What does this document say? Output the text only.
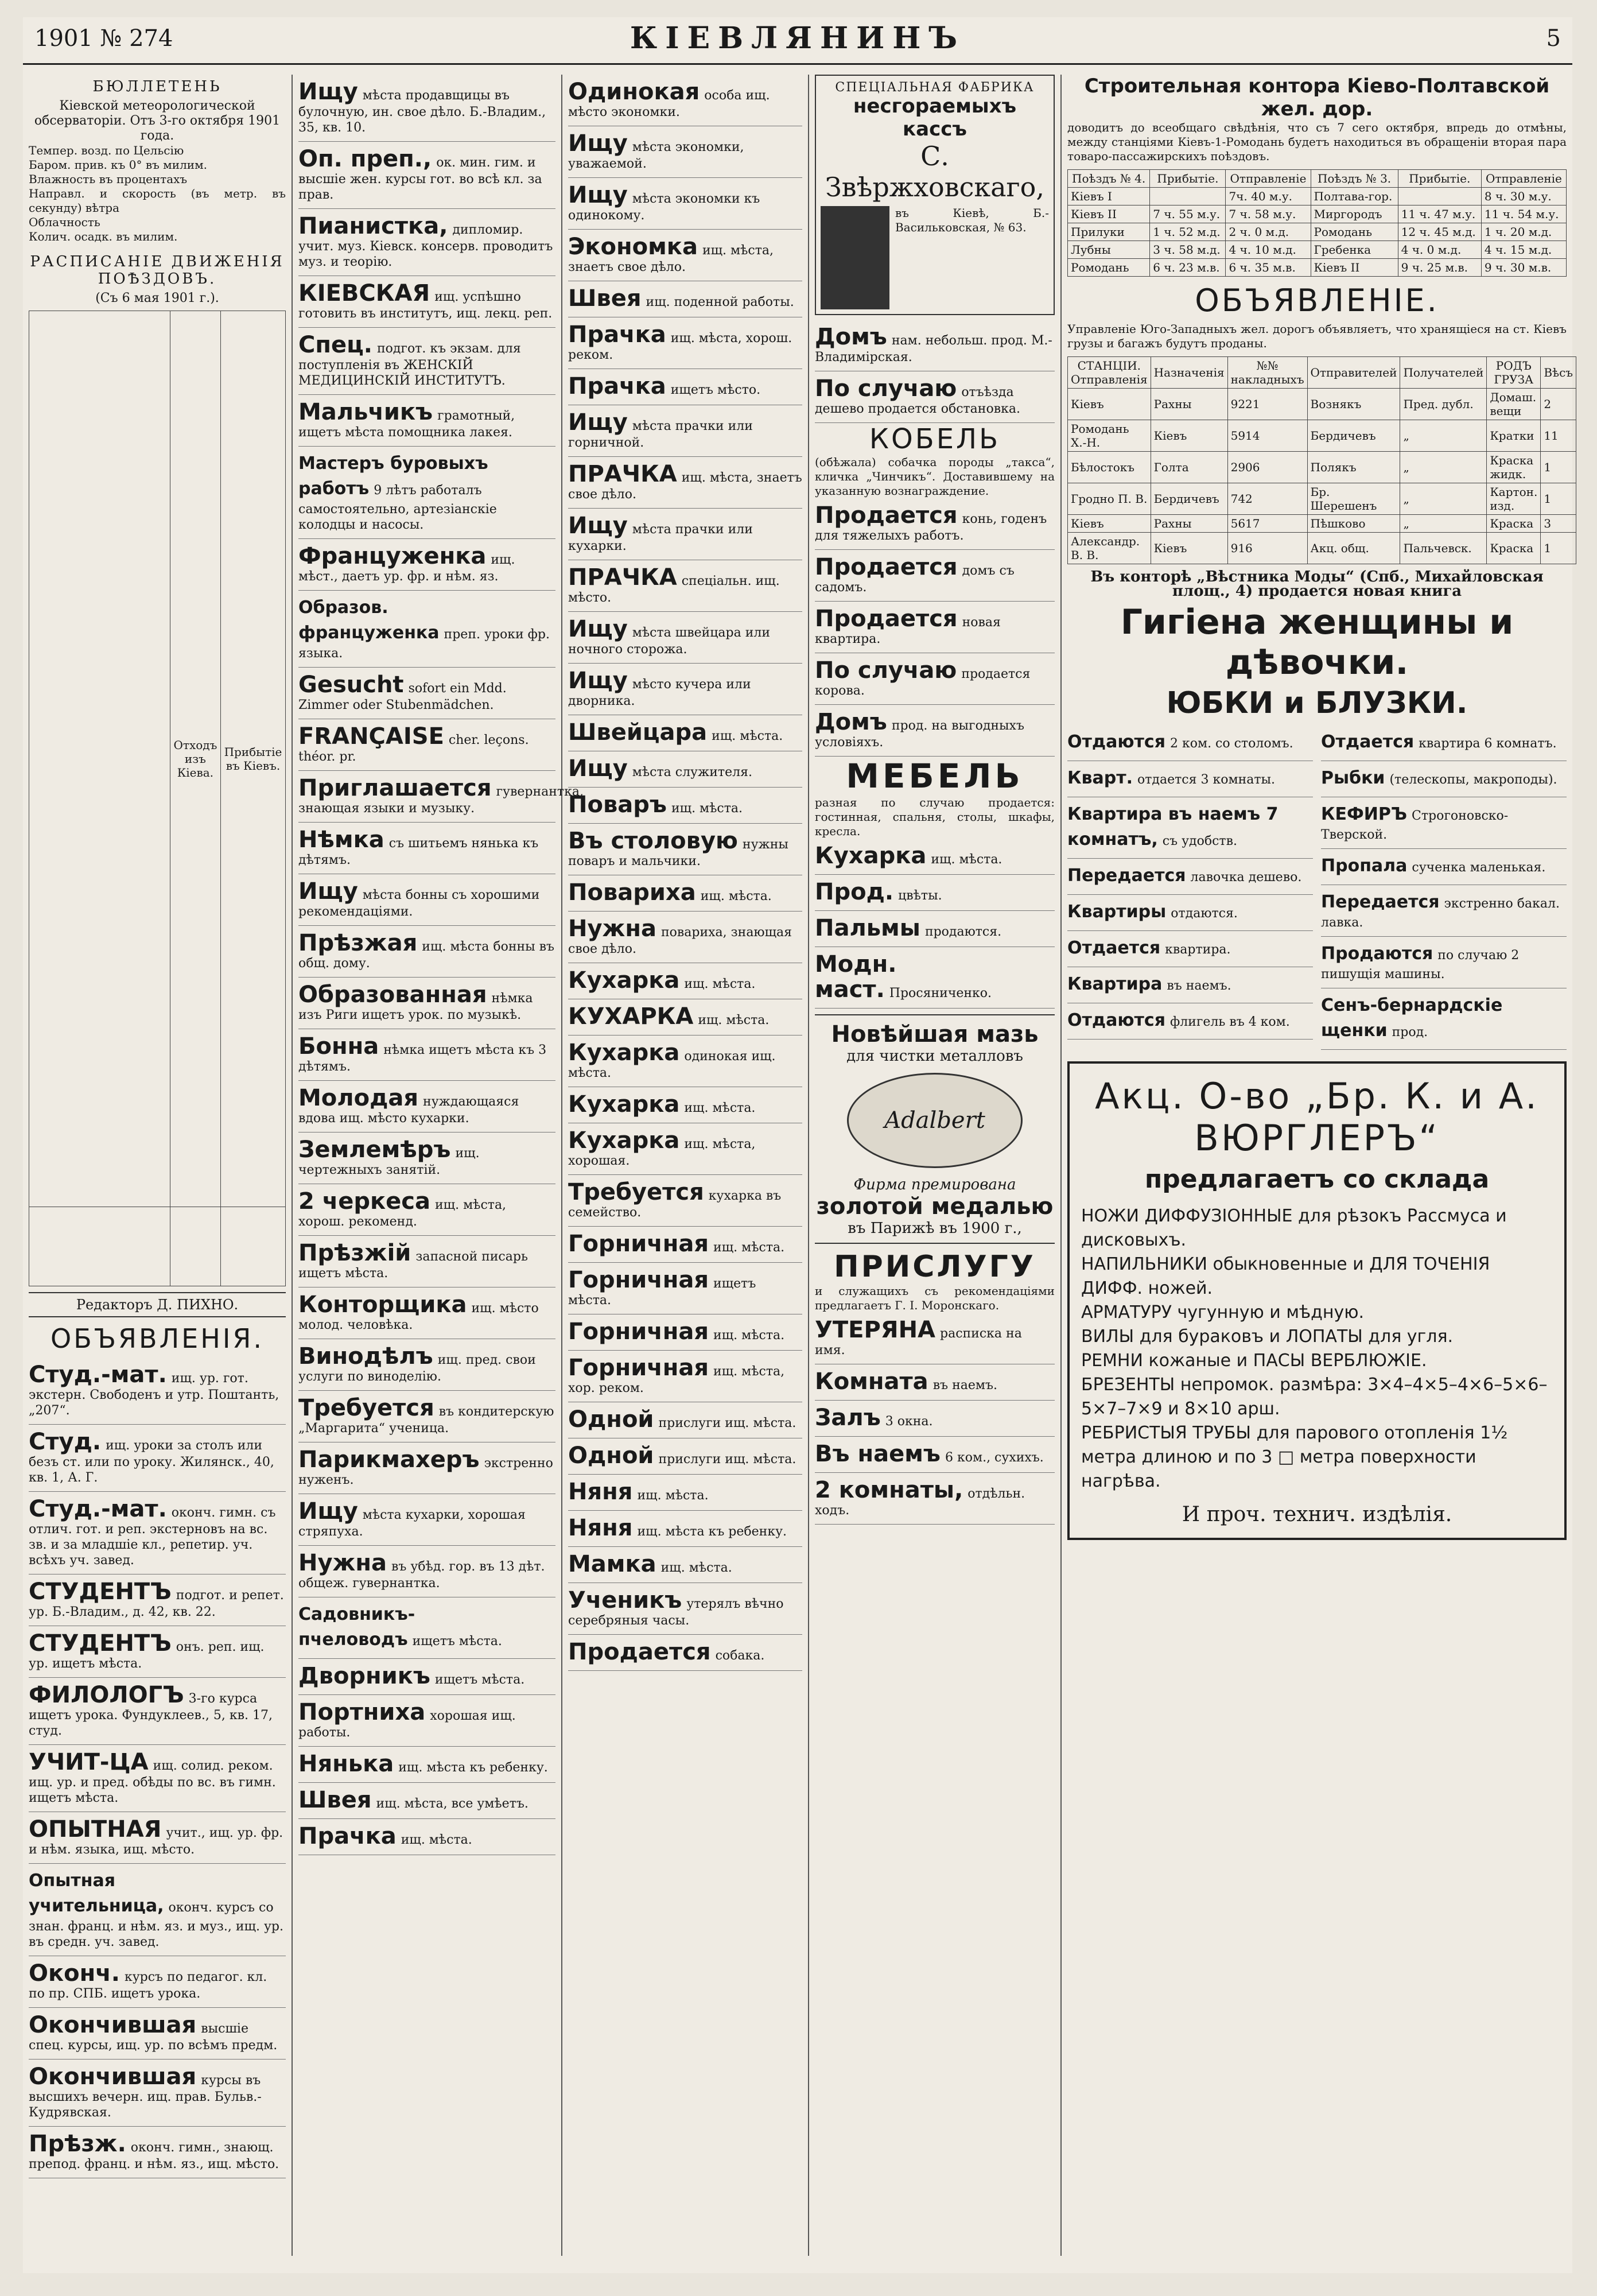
1901 № 274	КІЕВЛЯНИНЪ	5
БЮЛЛЕТЕНЬ
Кіевской метеорологической обсерваторіи. Отъ 3-го октября 1901 года.
Темпер. возд. по Цельсію
Барoм. прив. къ 0° въ милим.
Влажность въ процентахъ
Направл. и скорость (въ метр. въ секунду) вѣтра
Облачность
Колич. осадк. въ милим.
РАСПИСАНІЕ ДВИЖЕНІЯ ПОѢЗДОВЪ.
(Съ 6 мая 1901 г.).
	Отходъ изъ Кіева.	Прибытіе въ Кіевъ.

Редакторъ Д. ПИХНО.
ОБЪЯВЛЕНІЯ.
Студ.-мат. ищ. ур. гот. экстерн. Свободенъ и утр. Поштанть, „207“.
Студ. ищ. уроки за столъ или безъ ст. или по уроку. Жилянск., 40, кв. 1, А. Г.
Студ.-мат. оконч. гимн. съ отлич. гот. и реп. экстерновъ на вс. зв. и за младшіе кл., репетир. уч. всѣхъ уч. завед.
СТУДЕНТЪ подгот. и репет. ур. Б.-Владим., д. 42, кв. 22.
СТУДЕНТЪ онъ. реп. ищ. ур. ищетъ мѣста.
ФИЛОЛОГЪ 3-го курса ищетъ урока. Фундуклеев., 5, кв. 17, студ.
УЧИТ-ЦА ищ. солид. реком. ищ. ур. и пред. обѣды по вс. въ гимн. ищетъ мѣста.
ОПЫТНАЯ учит., ищ. ур. фр. и нѣм. языка, ищ. мѣсто.
Опытная учительница, оконч. курсъ со знан. франц. и нѣм. яз. и муз., ищ. ур. въ средн. уч. завед.
Оконч. курсъ по педагог. кл. по пр. СПБ. ищетъ урока.
Окончившая высшіе спец. курсы, ищ. ур. по всѣмъ предм.
Окончившая курсы въ высшихъ вечерн. ищ. прав. Бульв.-Кудрявская.
Прѣзж. оконч. гимн., знающ. препод. франц. и нѣм. яз., ищ. мѣсто.
Ищу мѣста продавщицы въ булочную, ин. свое дѣло. Б.-Владим., 35, кв. 10.
Оп. преп., ок. мин. гим. и высшіе жен. курсы гот. во всѣ кл. за прав.
Пианистка, дипломир. учит. муз. Кіевск. консерв. проводитъ муз. и теорію.
КІЕВСКАЯ ищ. успѣшно готовить въ институтъ, ищ. лекц. реп.
Спец. подгот. къ экзам. для поступленія въ ЖЕНСКІЙ МЕДИЦИНСКІЙ ИНСТИТУТЪ.
Мальчикъ грамотный, ищетъ мѣста помощника лакея.
Мастеръ буровыхъ работъ 9 лѣтъ работалъ самостоятельно, артезіанскіе колодцы и насосы.
Француженка ищ. мѣст., даетъ ур. фр. и нѣм. яз.
Образов. француженка преп. уроки фр. языка.
Gesucht sofort ein Mdd. Zimmer oder Stubenmädchen.
FRANÇAISE cher. leçons. théor. pr.
Приглашается гувернантка, знающая языки и музыку.
Нѣмка съ шитьемъ нянька къ дѣтямъ.
Ищу мѣста бонны съ хорошими рекомендаціями.
Прѣзжая ищ. мѣста бонны въ общ. дому.
Образованная нѣмка изъ Риги ищетъ урок. по музыкѣ.
Бонна нѣмка ищетъ мѣста къ 3 дѣтямъ.
Молодая нуждающаяся вдова ищ. мѣсто кухарки.
Землемѣръ ищ. чертежныхъ занятій.
2 черкеса ищ. мѣста, хорош. рекоменд.
Прѣзжій запасной писарь ищетъ мѣста.
Конторщика ищ. мѣсто молод. человѣка.
Винодѣлъ ищ. пред. свои услуги по виноделію.
Требуется въ кондитерскую „Маргарита“ ученица.
Парикмахеръ экстренно нуженъ.
Ищу мѣста кухарки, хорошая стряпуха.
Нужна въ убѣд. гор. въ 13 дѣт. общеж. гувернантка.
Садовникъ-пчеловодъ ищетъ мѣста.
Дворникъ ищетъ мѣста.
Портниха хорошая ищ. работы.
Нянька ищ. мѣста къ ребенку.
Швея ищ. мѣста, все умѣетъ.
Прачка ищ. мѣста.
Одинокая особа ищ. мѣсто экономки.
Ищу мѣста экономки, уважаемой.
Ищу мѣста экономки къ одинокому.
Экономка ищ. мѣста, знаетъ свое дѣло.
Швея ищ. поденной работы.
Прачка ищ. мѣста, хорош. реком.
Прачка ищетъ мѣсто.
Ищу мѣста прачки или горничной.
ПРАЧКА ищ. мѣста, знаетъ свое дѣло.
Ищу мѣста прачки или кухарки.
ПРАЧКА спеціальн. ищ. мѣсто.
Ищу мѣста швейцара или ночного сторожа.
Ищу мѣсто кучера или дворника.
Швейцара ищ. мѣста.
Ищу мѣста служителя.
Поваръ ищ. мѣста.
Въ столовую нужны поваръ и мальчики.
Повариха ищ. мѣста.
Нужна повариха, знающая свое дѣло.
Кухарка ищ. мѣста.
КУХАРКА ищ. мѣста.
Кухарка одинокая ищ. мѣста.
Кухарка ищ. мѣста.
Кухарка ищ. мѣста, хорошая.
Требуется кухарка въ семейство.
Горничная ищ. мѣста.
Горничная ищетъ мѣста.
Горничная ищ. мѣста.
Горничная ищ. мѣста, хор. реком.
Одной прислуги ищ. мѣста.
Одной прислуги ищ. мѣста.
Няня ищ. мѣста.
Няня ищ. мѣста къ ребенку.
Мамка ищ. мѣста.
Ученикъ утерялъ вѣчно серебряныя часы.
Продается собака.
СПЕЦІАЛЬНАЯ ФАБРИКА
несгораемыхъ кассъ
С. Звѣржховскаго,
въ Кіевѣ, Б.-Васильковская, № 63.
Домъ нам. небольш. прод. М.-Владимірская.
По случаю отъѣзда дешево продается обстановка.
КОБЕЛЬ
(обѣжала) собачка породы „такса“, кличка „Чинчикъ“. Доставившему на указанную вознаграждение.
Продается конь, годенъ для тяжелыхъ работъ.
Продается домъ съ садомъ.
Продается новая квартира.
По случаю продается корова.
Домъ прод. на выгодныхъ условіяхъ.
МЕБЕЛЬ
разная по случаю продается: гостинная, спальня, столы, шкафы, кресла.
Кухарка ищ. мѣста.
Прод. цвѣты.
Пальмы продаются.
Модн. маст. Просяниченко.
Новѣйшая мазь
для чистки металловъ
Adalbert
Фирма премирована
золотой медалью
въ Парижѣ въ 1900 г.,
ПРИСЛУГУ
и служащихъ съ рекомендаціями предлагаетъ Г. І. Моронскаго.
УТЕРЯНА расписка на имя.
Комната въ наемъ.
Залъ 3 окна.
Въ наемъ 6 ком., сухихъ.
2 комнаты, отдѣльн. ходъ.
Строительная контора Кіево-Полтавской жел. дор.
доводитъ до всеобщаго свѣдѣнія, что съ 7 сего октября, впредь до отмѣны, между станціями Кіевъ-1-Ромодань будетъ находиться въ обращеніи вторая пара товаро-пассажирскихъ поѣздовъ.
Поѣздъ № 4.	Прибытіе.	Отправленіе	Поѣздъ № 3.	Прибытіе.	Отправленіе
Кіевъ I		7ч. 40 м.у.	Полтава-гор.		8 ч. 30 м.у.
Кіевъ II	7 ч. 55 м.у.	7 ч. 58 м.у.	Миргородъ	11 ч. 47 м.у.	11 ч. 54 м.у.
Прилуки	1 ч. 52 м.д.	2 ч. 0 м.д.	Ромодань	12 ч. 45 м.д.	1 ч. 20 м.д.
Лубны	3 ч. 58 м.д.	4 ч. 10 м.д.	Гребенка	4 ч. 0 м.д.	4 ч. 15 м.д.
Ромодань	6 ч. 23 м.в.	6 ч. 35 м.в.	Кіевъ II	9 ч. 25 м.в.	9 ч. 30 м.в.
ОБЪЯВЛЕНІЕ.
Управленіе Юго-Западныхъ жел. дорогъ объявляетъ, что хранящіеся на ст. Кіевъ грузы и багажъ будутъ проданы.
СТАНЦІИ. Отправленія	Назначенія	№№ накладныхъ	Отправителей	Получателей	РОДЪ ГРУЗА	Вѣсъ
Кіевъ	Рахны	9221	Вознякъ	Пред. дубл.	Домаш. вещи	2
Ромодань Х.-Н.	Кіевъ	5914	Бердичевъ	„	Кратки	11
Бѣлостокъ	Голта	2906	Полякъ	„	Краска жидк.	1
Гродно П. В.	Бердичевъ	742	Бр. Шерешенъ	„	Картон. изд.	1
Кіевъ	Рахны	5617	Пѣшково	„	Краска	3
Александр. В. В.	Кіевъ	916	Акц. общ.	Пальчевск.	Краска	1
Въ конторѣ „Вѣстника Моды“ (Спб., Михайловская площ., 4) продается новая книга
Гигіена женщины и дѣвочки.
ЮБКИ и БЛУЗКИ.
Отдаются 2 ком. со столомъ.
Кварт. отдается 3 комнаты.
Квартира въ наемъ 7 комнатъ, съ удобств.
Передается лавочка дешево.
Квартиры отдаются.
Отдается квартира.
Квартира въ наемъ.
Отдаются флигель въ 4 ком.
Отдается квартира 6 комнатъ.
Рыбки (телескопы, макроподы).
КЕФИРЪ Строгоновско-Тверской.
Пропала сученка маленькая.
Передается экстренно бакал. лавка.
Продаются по случаю 2 пишущія машины.
Сенъ-бернардскіе щенки прод.
Акц. О-во „Бр. К. и А. ВЮРГЛЕРЪ“
предлагаетъ со склада
НОЖИ ДИФФУЗІОННЫЕ для рѣзокъ Рассмуса и дисковыхъ.
НАПИЛЬНИКИ обыкновенные и ДЛЯ ТОЧЕНІЯ ДИФФ. ножей.
АРМАТУРУ чугунную и мѣдную.
ВИЛЫ для бураковъ и ЛОПАТЫ для угля.
РЕМНИ кожаные и ПАСЫ ВЕРБЛЮЖІЕ.
БРЕЗЕНТЫ непромок. размѣра: 3×4–4×5–4×6–5×6–5×7–7×9 и 8×10 арш.
РЕБРИСТЫЯ ТРУБЫ для парового отопленія 1½ метра длиною и по 3 □ метра поверхности нагрѣва.
И проч. технич. издѣлія.
